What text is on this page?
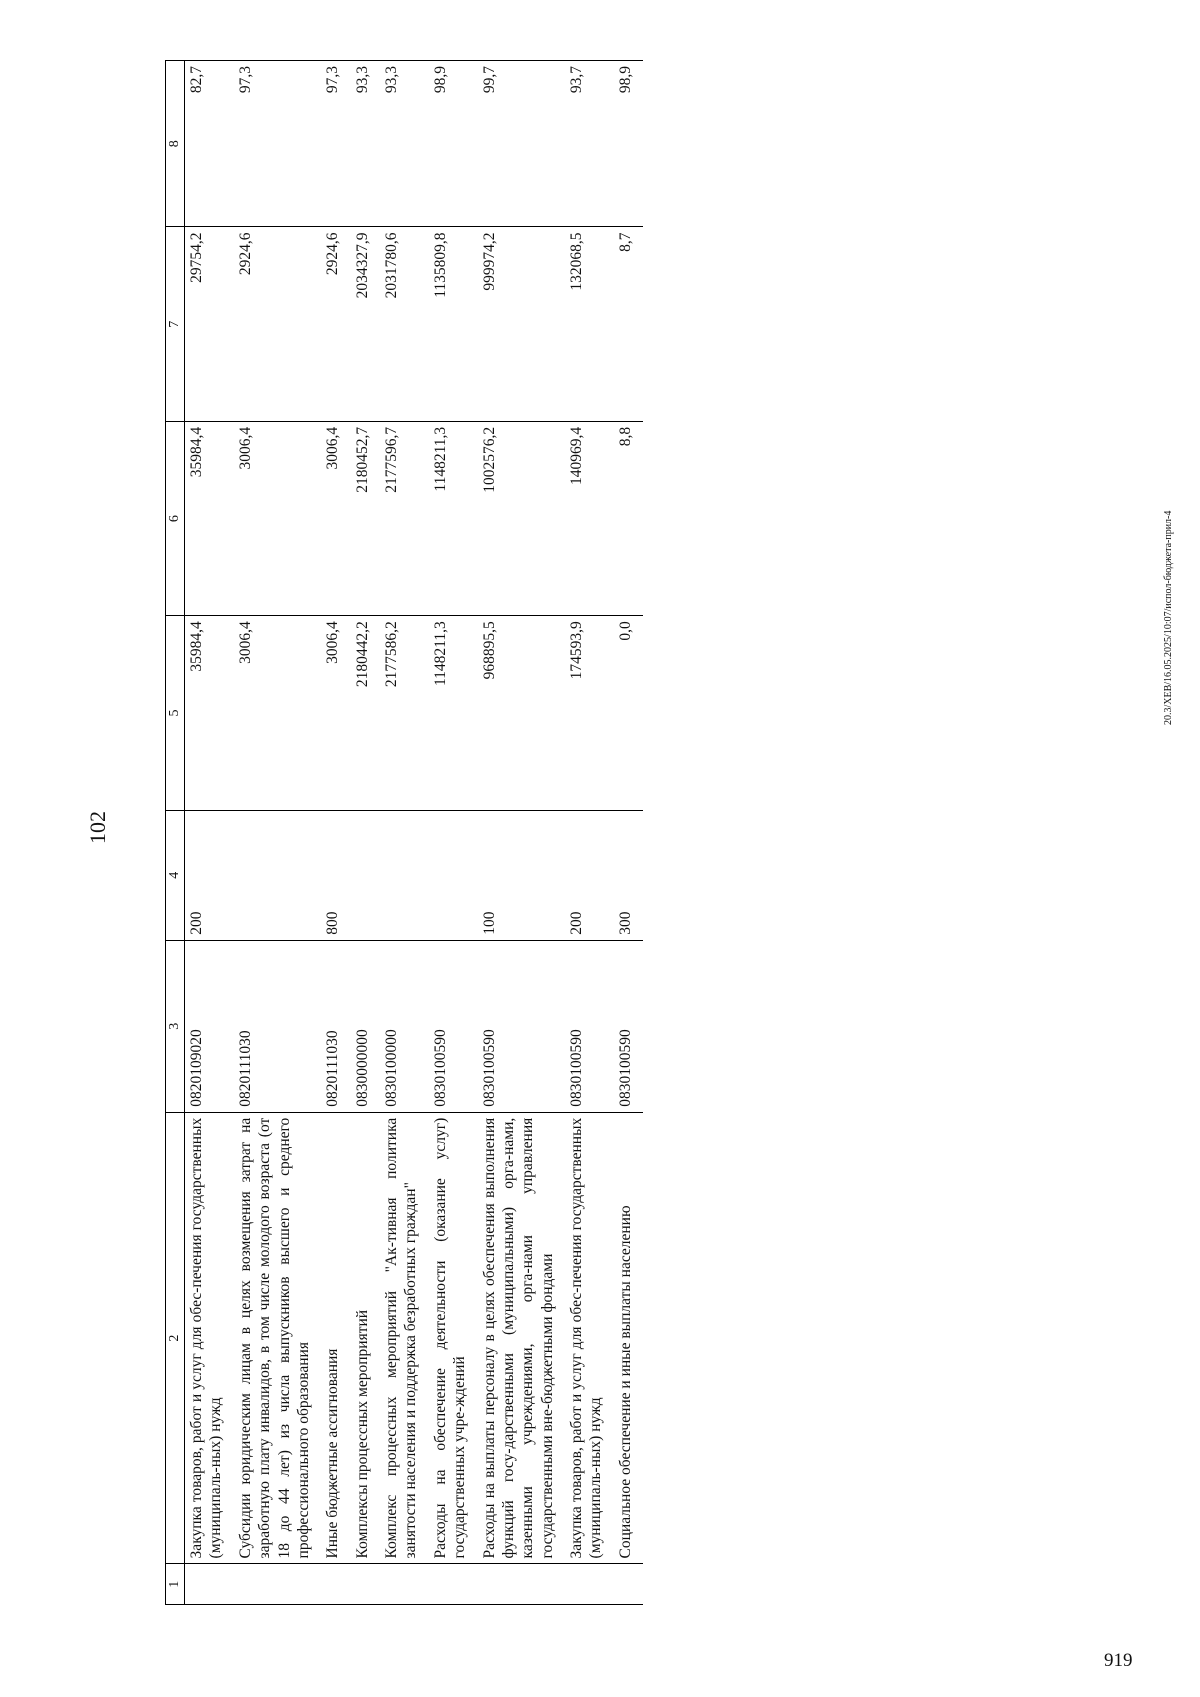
102
1	2	3	4	5	6	7	8
	Закупка товаров, работ и услуг для обес-печения государственных (муниципаль-ных) нужд	0820109020	200	35984,4	35984,4	29754,2	82,7
	Субсидии юридическим лицам в целях возмещения затрат на заработную плату инвалидов, в том числе молодого возраста (от 18 до 44 лет) из числа выпускников высшего и среднего профессионального образования	0820111030		3006,4	3006,4	2924,6	97,3
	Иные бюджетные ассигнования	0820111030	800	3006,4	3006,4	2924,6	97,3
	Комплексы процессных мероприятий	0830000000		2180442,2	2180452,7	2034327,9	93,3
	Комплекс процессных мероприятий "Ак-тивная политика занятости населения и поддержка безработных граждан"	0830100000		2177586,2	2177596,7	2031780,6	93,3
	Расходы на обеспечение деятельности (оказание услуг) государственных учре-ждений	0830100590		1148211,3	1148211,3	1135809,8	98,9
	Расходы на выплаты персоналу в целях обеспечения выполнения функций госу-дарственными (муниципальными) орга-нами, казенными учреждениями, орга-нами управления государственными вне-бюджетными фондами	0830100590	100	968895,5	1002576,2	999974,2	99,7
	Закупка товаров, работ и услуг для обес-печения государственных (муниципаль-ных) нужд	0830100590	200	174593,9	140969,4	132068,5	93,7
	Социальное обеспечение и иные выплаты населению	0830100590	300	0,0	8,8	8,7	98,9
20.3/ХЕВ/16.05.2025/10:07/испол-бюджета-прил-4
919
